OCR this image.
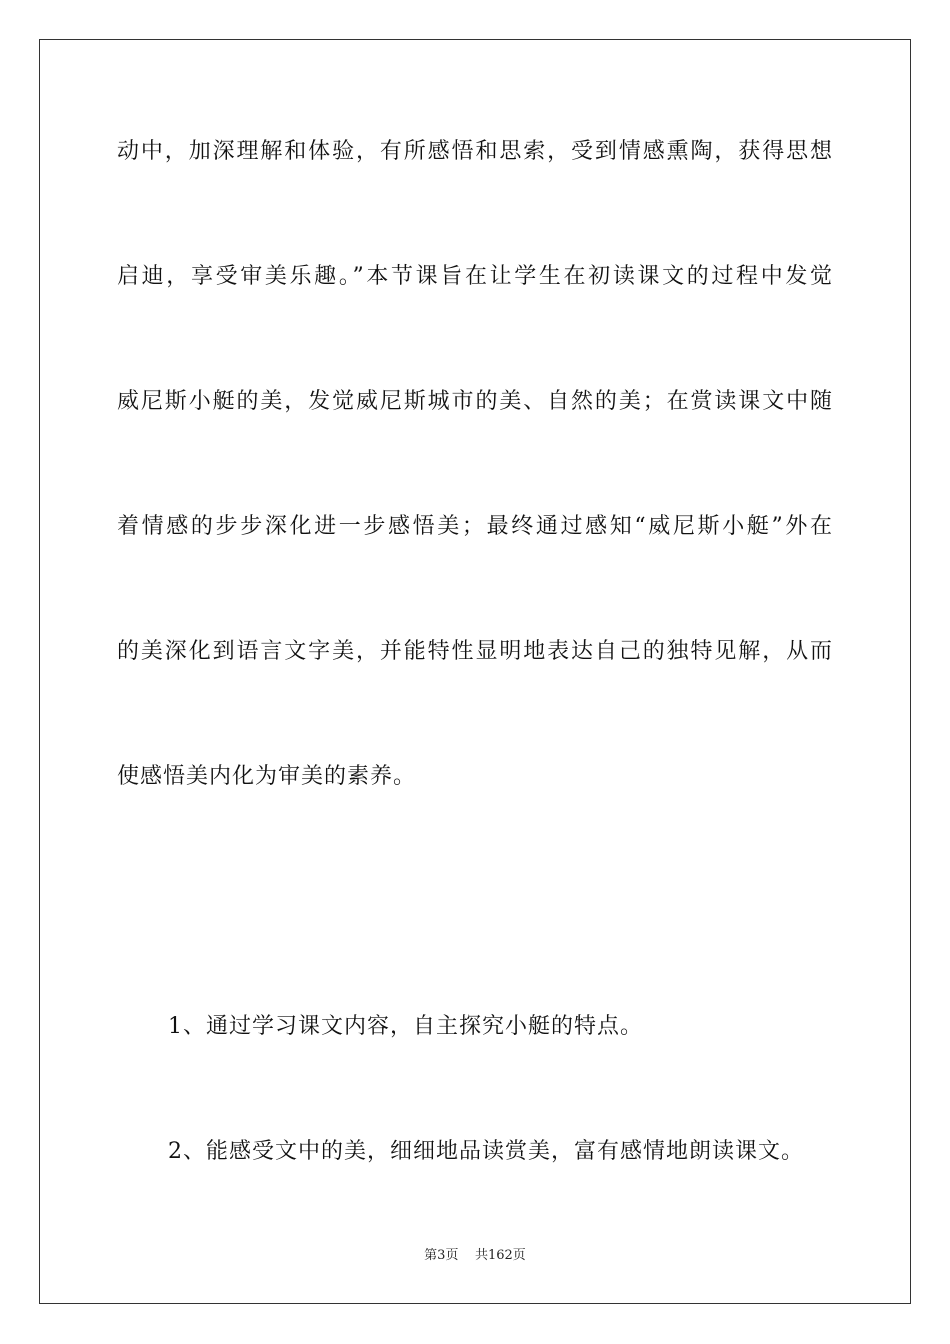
动中，加深理解和体验，有所感悟和思索，受到情感熏陶，获得思想
启迪，享受审美乐趣。”本节课旨在让学生在初读课文的过程中发觉
威尼斯小艇的美，发觉威尼斯城市的美、自然的美；在赏读课文中随
着情感的步步深化进一步感悟美；最终通过感知“威尼斯小艇”外在
的美深化到语言文字美，并能特性显明地表达自己的独特见解，从而
使感悟美内化为审美的素养。
1、通过学习课文内容，自主探究小艇的特点。
2、能感受文中的美，细细地品读赏美，富有感情地朗读课文。
第3页 共162页
